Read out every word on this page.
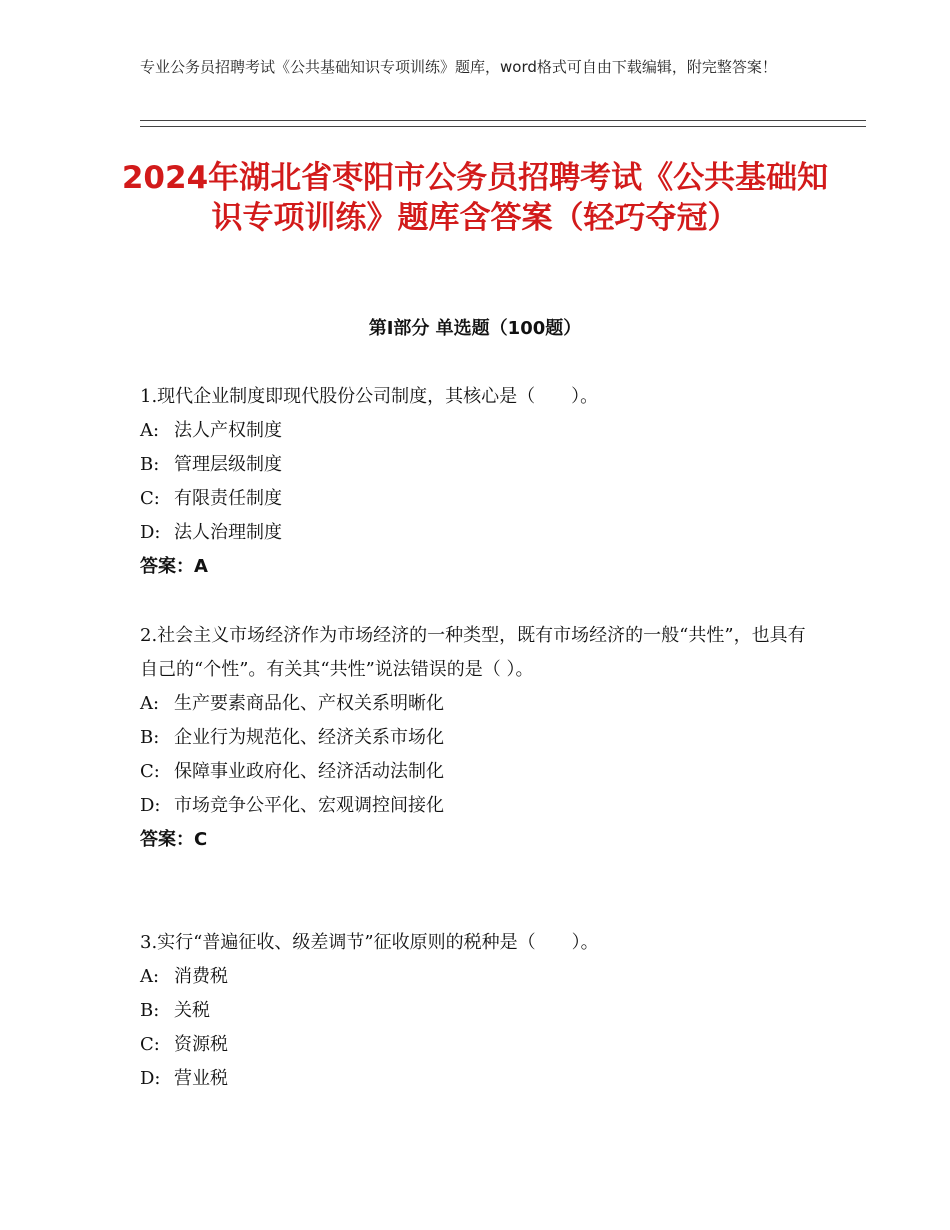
专业公务员招聘考试《公共基础知识专项训练》题库，word格式可自由下载编辑，附完整答案！
2024年湖北省枣阳市公务员招聘考试《公共基础知识专项训练》题库含答案（轻巧夺冠）
第Ⅰ部分 单选题（100题）

1.现代企业制度即现代股份公司制度，其核心是（　　）。

A: 法人产权制度

B: 管理层级制度

C: 有限责任制度

D: 法人治理制度

答案：A

2.社会主义市场经济作为市场经济的一种类型，既有市场经济的一般“共性”，也具有自己的“个性”。有关其“共性”说法错误的是（ ）。

A: 生产要素商品化、产权关系明晰化

B: 企业行为规范化、经济关系市场化

C: 保障事业政府化、经济活动法制化

D: 市场竞争公平化、宏观调控间接化

答案：C

3.实行“普遍征收、级差调节”征收原则的税种是（　　）。

A: 消费税

B: 关税

C: 资源税

D: 营业税
